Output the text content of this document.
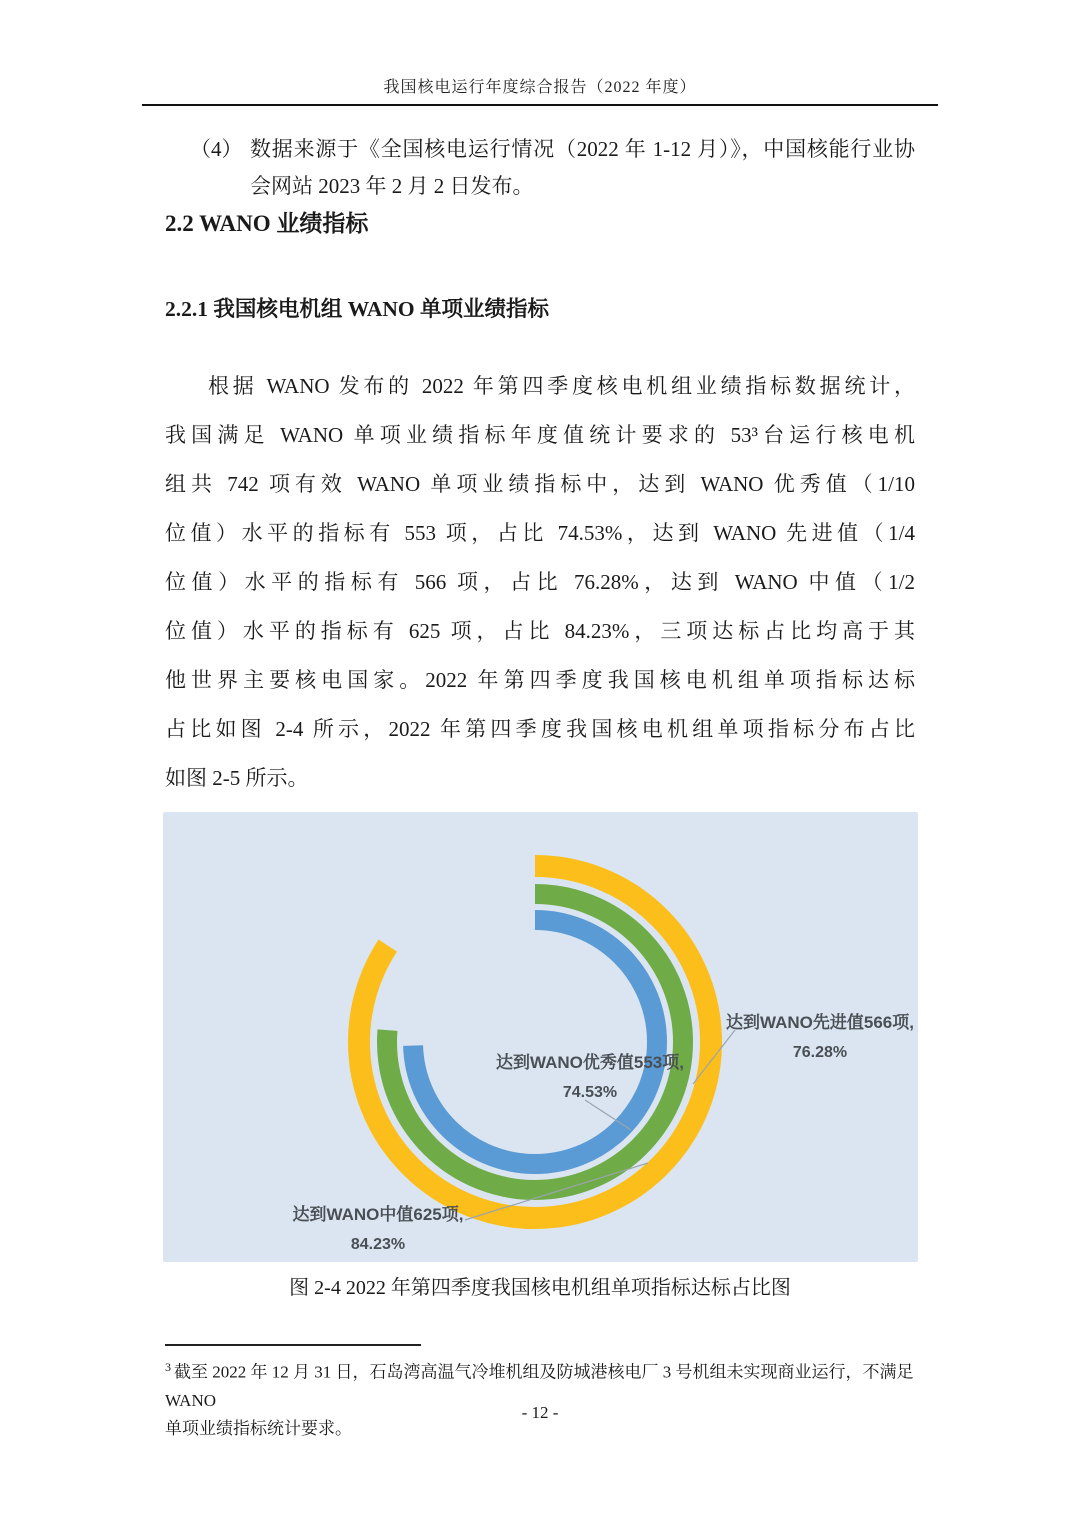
我国核电运行年度综合报告（2022 年度）
（4） 数据来源于《全国核电运行情况（2022 年 1-12 月）》，中国核能行业协
会网站 2023 年 2 月 2 日发布。
2.2 WANO 业绩指标
2.2.1 我国核电机组 WANO 单项业绩指标
根据 WANO 发布的 2022 年第四季度核电机组业绩指标数据统计，
我国满足 WANO 单项业绩指标年度值统计要求的 53³台运行核电机
组共 742 项有效 WANO 单项业绩指标中，达到 WANO 优秀值（1/10
位值）水平的指标有 553 项，占比 74.53%，达到 WANO 先进值（1/4
位值）水平的指标有 566 项，占比 76.28%，达到 WANO 中值（1/2
位值）水平的指标有 625 项，占比 84.23%，三项达标占比均高于其
他世界主要核电国家。2022 年第四季度我国核电机组单项指标达标
占比如图 2-4 所示，2022 年第四季度我国核电机组单项指标分布占比
如图 2-5 所示。
达到WANO优秀值553项,
74.53%
达到WANO先进值566项,
76.28%
达到WANO中值625项,
84.23%
图 2-4 2022 年第四季度我国核电机组单项指标达标占比图
$^3$ 截至 2022 年 12 月 31 日，石岛湾高温气冷堆机组及防城港核电厂 3 号机组未实现商业运行，不满足 WANO
单项业绩指标统计要求。
- 12 -
